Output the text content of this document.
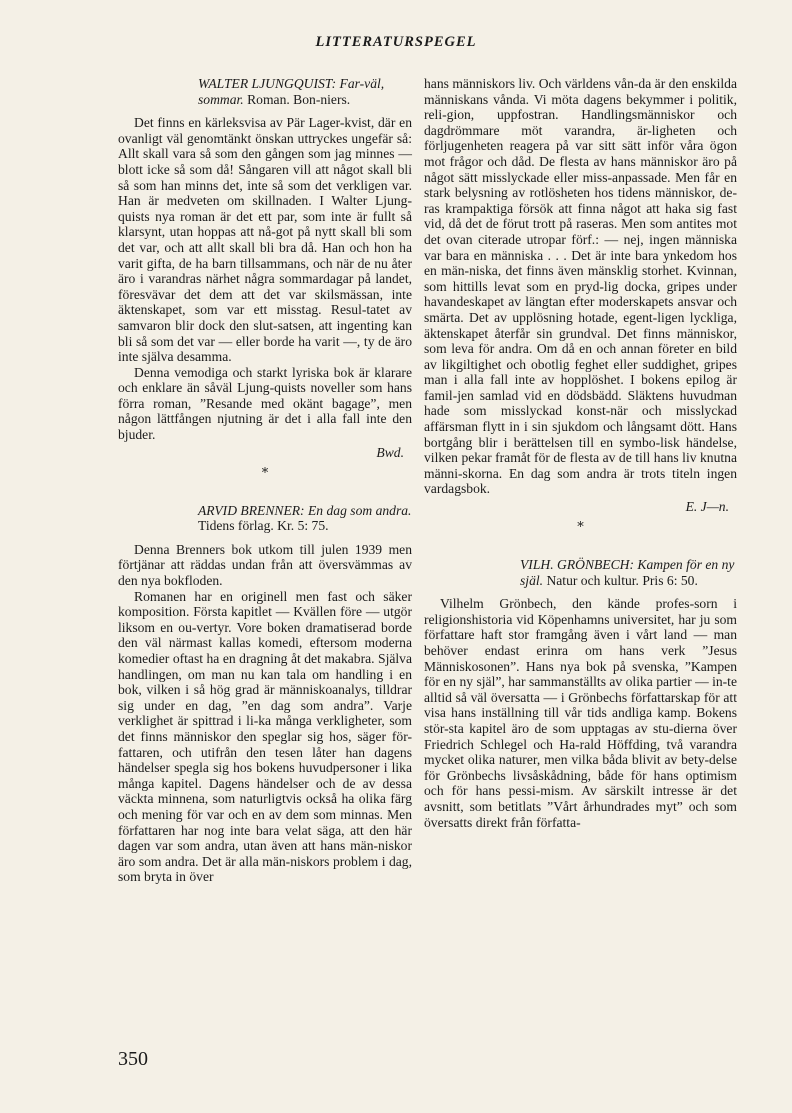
LITTERATURSPEGEL

WALTER LJUNGQUIST: Far-väl, sommar. Roman. Bon-niers.

Det finns en kärleksvisa av Pär Lager-kvist, där en ovanligt väl genomtänkt önskan uttryckes ungefär så: Allt skall vara så som den gången som jag minnes — blott icke så som då! Sångaren vill att något skall bli så som han minns det, inte så som det verkligen var. Han är medveten om skillnaden. I Walter Ljung-quists nya roman är det ett par, som inte är fullt så klarsynt, utan hoppas att nå-got på nytt skall bli som det var, och att allt skall bli bra då. Han och hon ha varit gifta, de ha barn tillsammans, och när de nu åter äro i varandras närhet några sommardagar på landet, föresvävar det dem att det var skilsmässan, inte äktenskapet, som var ett misstag. Resul-tatet av samvaron blir dock den slut-satsen, att ingenting kan bli så som det var — eller borde ha varit —, ty de äro inte själva desamma.

Denna vemodiga och starkt lyriska bok är klarare och enklare än såväl Ljung-quists noveller som hans förra roman, ”Resande med okänt bagage”, men någon lättfången njutning är det i alla fall inte den bjuder.

Bwd.
*

ARVID BRENNER: En dag som andra. Tidens förlag. Kr. 5: 75.

Denna Brenners bok utkom till julen 1939 men förtjänar att räddas undan från att översvämmas av den nya bokfloden.

Romanen har en originell men fast och säker komposition. Första kapitlet — Kvällen före — utgör liksom en ou-vertyr. Vore boken dramatiserad borde den väl närmast kallas komedi, eftersom moderna komedier oftast ha en dragning åt det makabra. Själva handlingen, om man nu kan tala om handling i en bok, vilken i så hög grad är människoanalys, tilldrar sig under en dag, ”en dag som andra”. Varje verklighet är spittrad i li-ka många verkligheter, som det finns människor den speglar sig hos, säger för-fattaren, och utifrån den tesen låter han dagens händelser spegla sig hos bokens huvudpersoner i lika många kapitel. Dagens händelser och de av dessa väckta minnena, som naturligtvis också ha olika färg och mening för var och en av dem som minnas. Men författaren har nog inte bara velat säga, att den här dagen var som andra, utan även att hans män-niskor äro som andra. Det är alla män-niskors problem i dag, som bryta in över

hans människors liv. Och världens vån-da är den enskilda människans vånda. Vi möta dagens bekymmer i politik, reli-gion, uppfostran. Handlingsmänniskor och dagdrömmare möt varandra, är-ligheten och förljugenheten reagera på var sitt sätt inför våra ögon mot frågor och dåd. De flesta av hans människor äro på något sätt misslyckade eller miss-anpassade. Men får en stark belysning av rotlösheten hos tidens människor, de-ras krampaktiga försök att finna något att haka sig fast vid, då det de förut trott på raseras. Men som antites mot det ovan citerade utropar förf.: — nej, ingen människa var bara en människa . . . Det är inte bara ynkedom hos en män-niska, det finns även mänsklig storhet. Kvinnan, som hittills levat som en pryd-lig docka, gripes under havandeskapet av längtan efter moderskapets ansvar och smärta. Det av upplösning hotade, egent-ligen lyckliga, äktenskapet återfår sin grundval. Det finns människor, som leva för andra. Om då en och annan företer en bild av likgiltighet och obotlig feghet eller suddighet, gripes man i alla fall inte av hopplöshet. I bokens epilog är famil-jen samlad vid en dödsbädd. Släktens huvudman hade som misslyckad konst-när och misslyckad affärsman flytt in i sin sjukdom och långsamt dött. Hans bortgång blir i berättelsen till en symbo-lisk händelse, vilken pekar framåt för de flesta av de till hans liv knutna männi-skorna. En dag som andra är trots titeln ingen vardagsbok.

E. J—n.
*

VILH. GRÖNBECH: Kampen för en ny själ. Natur och kultur. Pris 6: 50.

Vilhelm Grönbech, den kände profes-sorn i religionshistoria vid Köpenhamns universitet, har ju som författare haft stor framgång även i vårt land — man behöver endast erinra om hans verk ”Jesus Människosonen”. Hans nya bok på svenska, ”Kampen för en ny själ”, har sammanställts av olika partier — in-te alltid så väl översatta — i Grönbechs författarskap för att visa hans inställning till vår tids andliga kamp. Bokens stör-sta kapitel äro de som upptagas av stu-dierna över Friedrich Schlegel och Ha-rald Höffding, två varandra mycket olika naturer, men vilka båda blivit av bety-delse för Grönbechs livsåskådning, både för hans optimism och för hans pessi-mism. Av särskilt intresse är det avsnitt, som betitlats ”Vårt århundrades myt” och som översatts direkt från författa-

350
